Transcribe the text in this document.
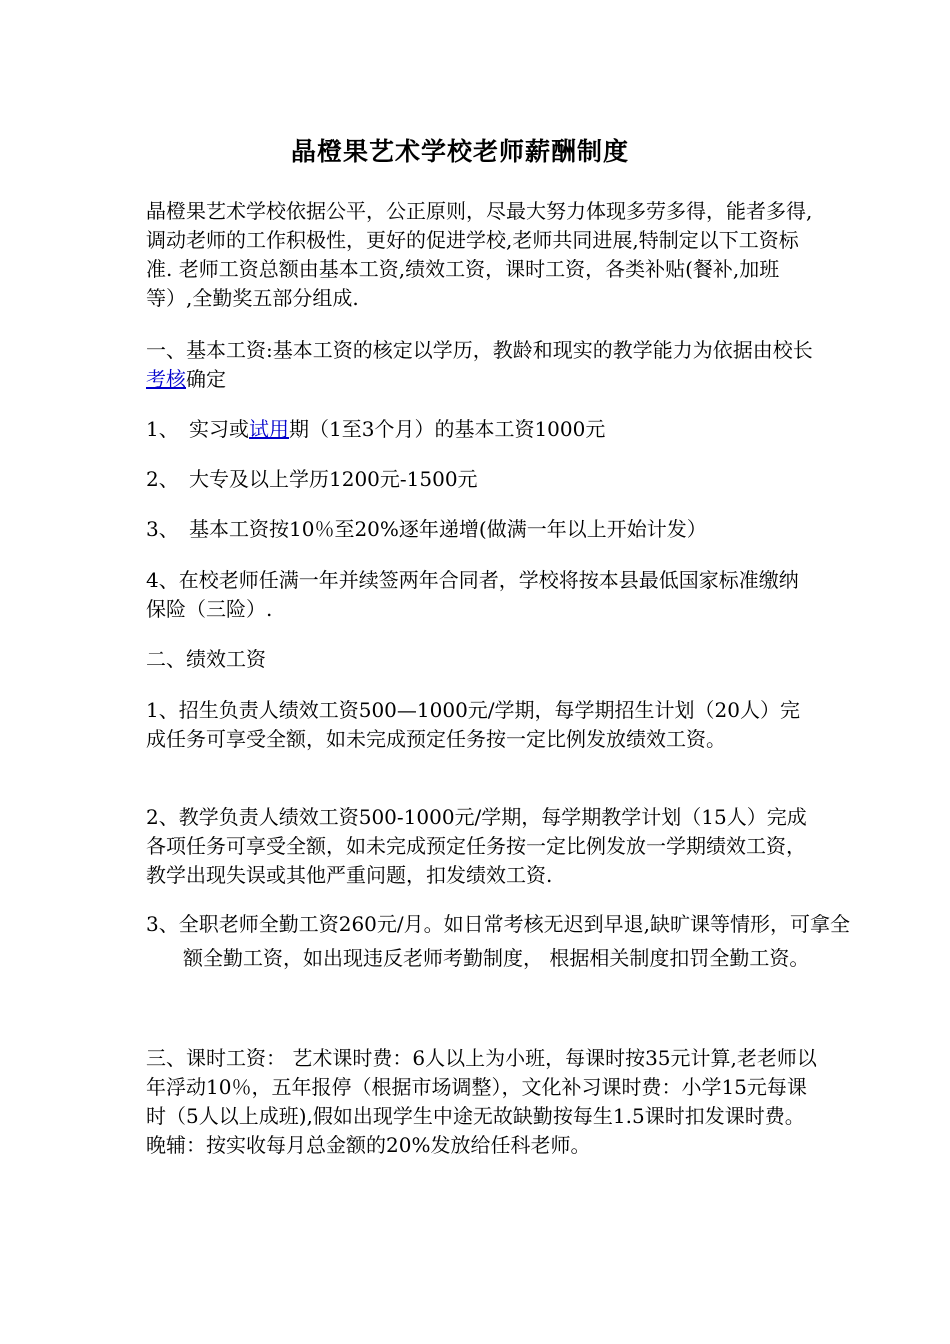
晶橙果艺术学校老师薪酬制度

晶橙果艺术学校依据公平，公正原则，尽最大努力体现多劳多得，能者多得,调动老师的工作积极性，更好的促进学校,老师共同进展,特制定以下工资标准. 老师工资总额由基本工资,绩效工资，课时工资，各类补贴(餐补,加班等）,全勤奖五部分组成.

一、基本工资:基本工资的核定以学历，教龄和现实的教学能力为依据由校长考核确定

1、 实习或试用期（1至3个月）的基本工资1000元

2、 大专及以上学历1200元-1500元

3、 基本工资按10％至20%逐年递增(做满一年以上开始计发）

4、在校老师任满一年并续签两年合同者，学校将按本县最低国家标准缴纳保险（三险）.

二、绩效工资

1、招生负责人绩效工资500—1000元/学期，每学期招生计划（20人）完成任务可享受全额，如未完成预定任务按一定比例发放绩效工资。

2、教学负责人绩效工资500-1000元/学期，每学期教学计划（15人）完成各项任务可享受全额，如未完成预定任务按一定比例发放一学期绩效工资，教学出现失误或其他严重问题，扣发绩效工资.

3、全职老师全勤工资260元/月。如日常考核无迟到早退,缺旷课等情形，可拿全额全勤工资，如出现违反老师考勤制度， 根据相关制度扣罚全勤工资。

三、课时工资： 艺术课时费：6人以上为小班，每课时按35元计算,老老师以年浮动10％，五年报停（根据市场调整），文化补习课时费：小学15元每课时（5人以上成班),假如出现学生中途无故缺勤按每生1.5课时扣发课时费。晚辅：按实收每月总金额的20%发放给任科老师。
